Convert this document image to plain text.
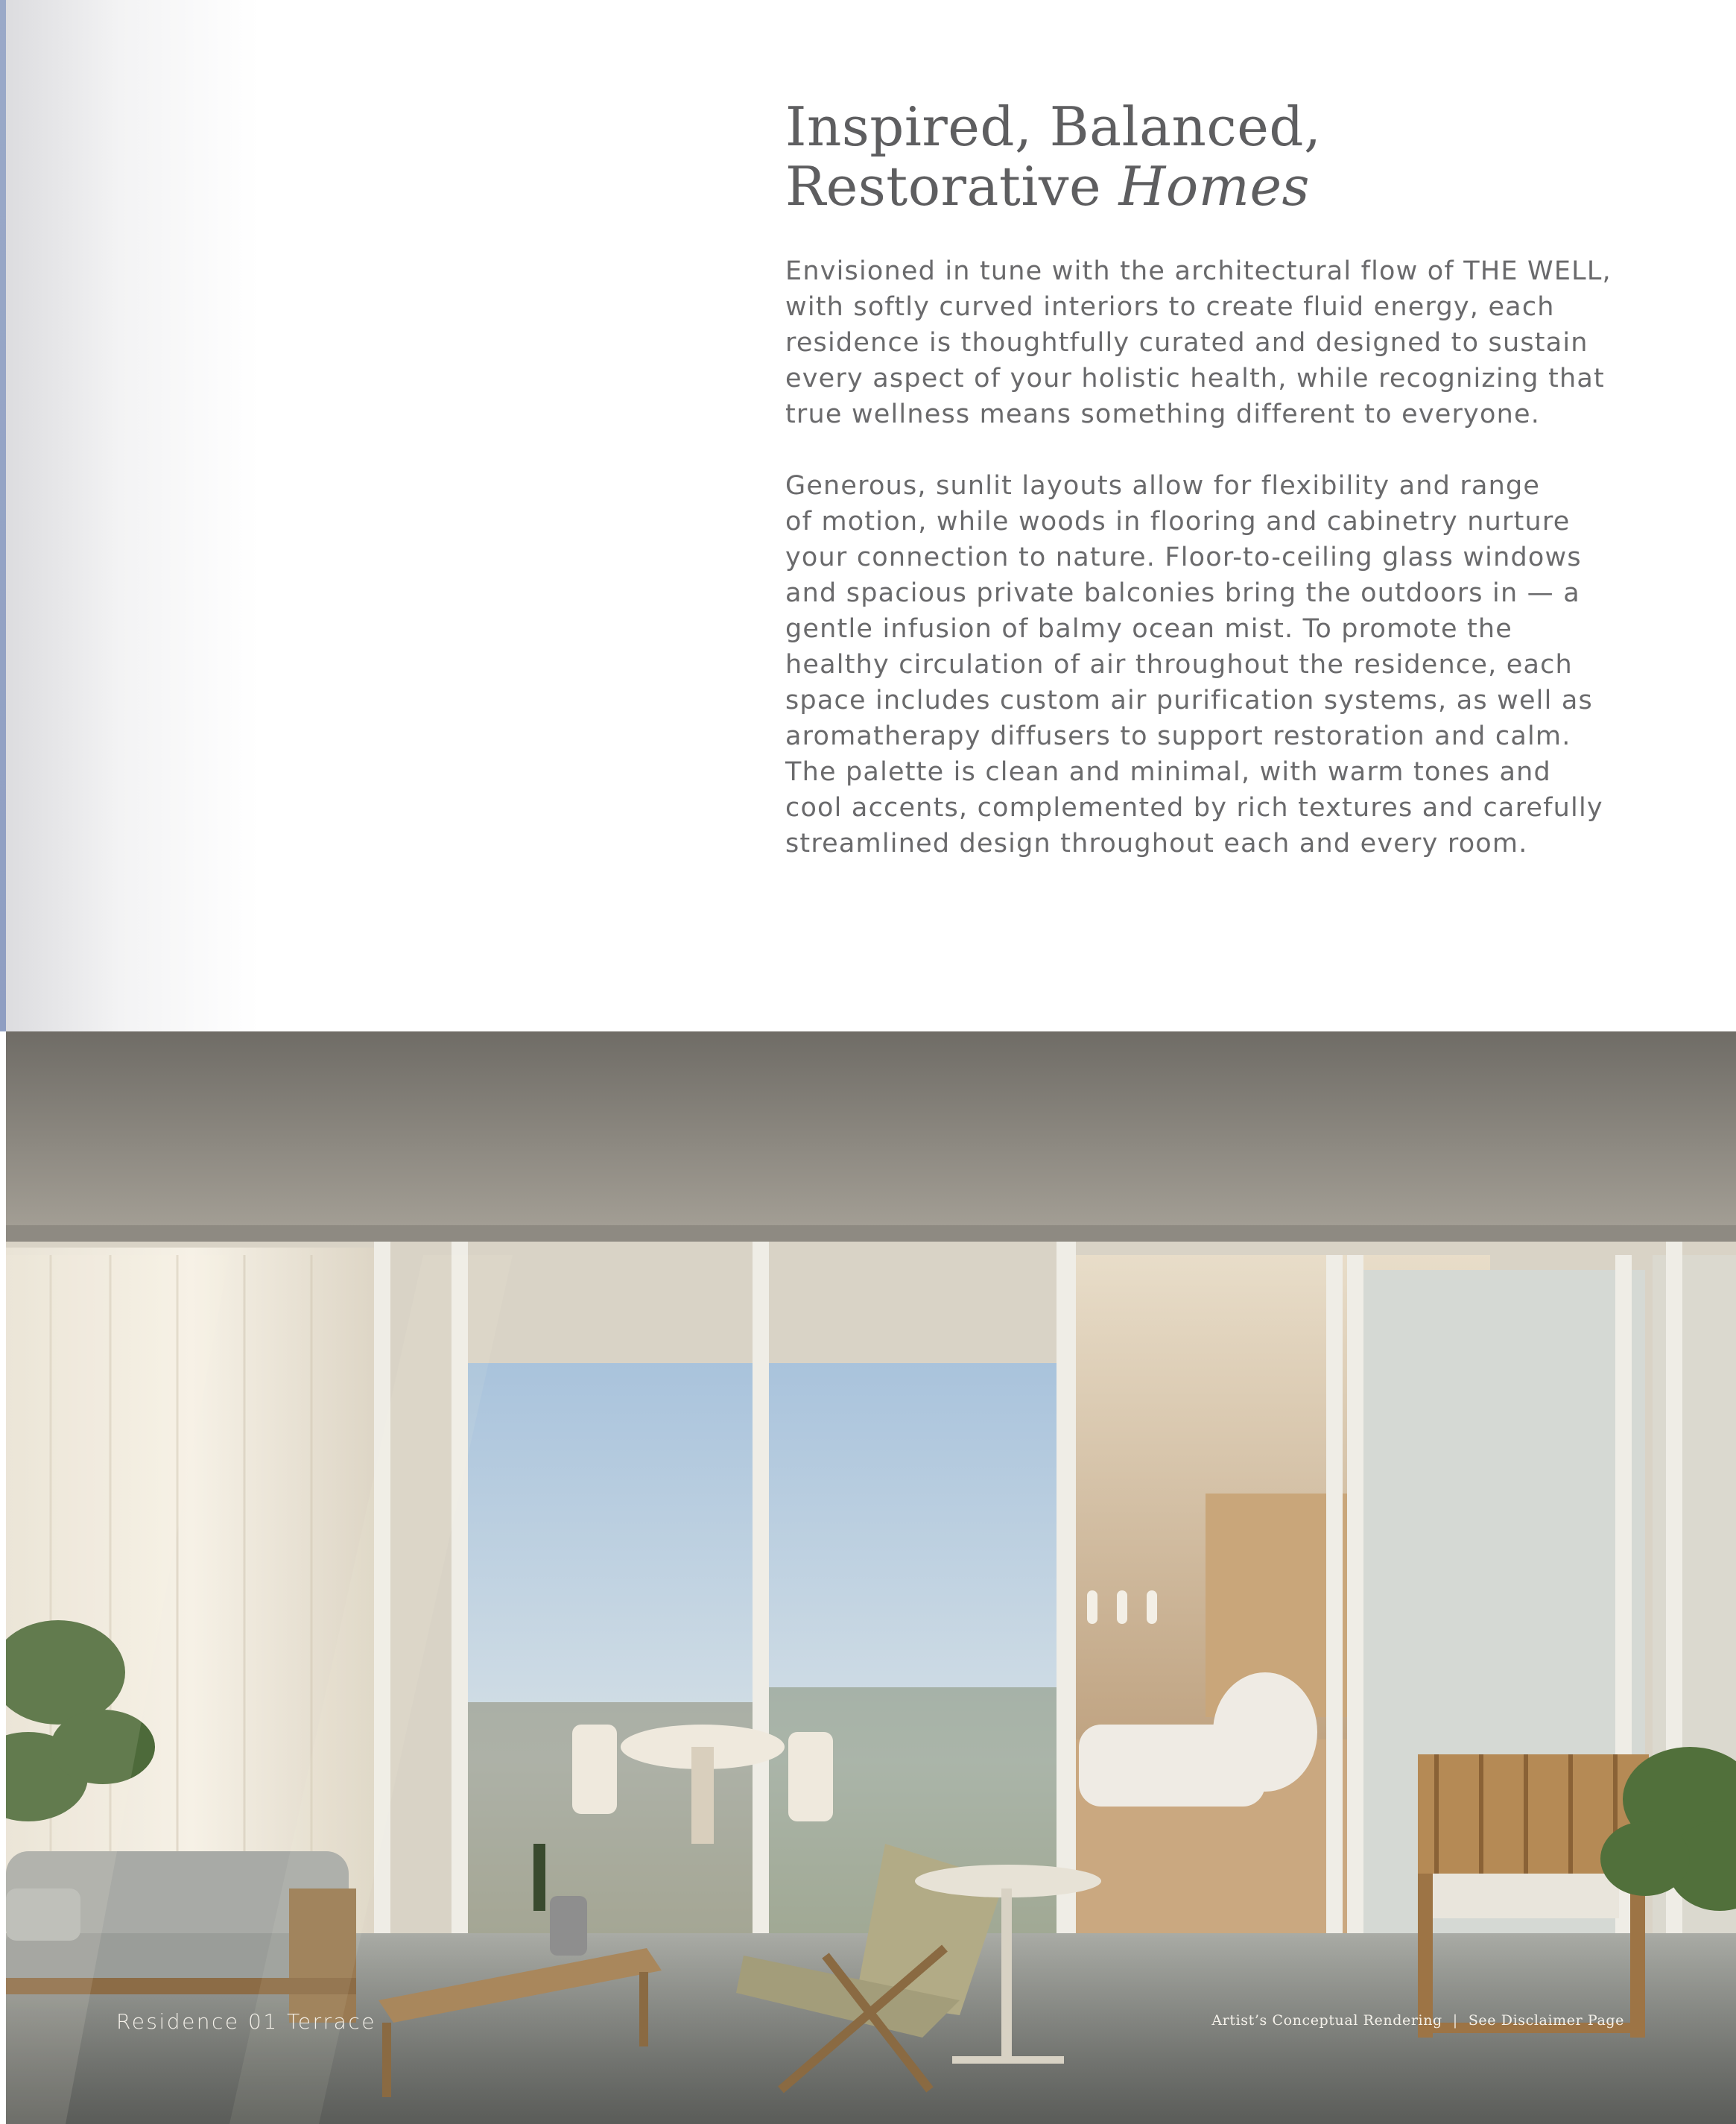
Inspired, Balanced,
Restorative Homes

Envisioned in tune with the architectural flow of THE WELL,
with softly curved interiors to create fluid energy, each
residence is thoughtfully curated and designed to sustain
every aspect of your holistic health, while recognizing that
true wellness means something different to everyone.

Generous, sunlit layouts allow for flexibility and range
of motion, while woods in flooring and cabinetry nurture
your connection to nature. Floor-to-ceiling glass windows
and spacious private balconies bring the outdoors in — a
gentle infusion of balmy ocean mist. To promote the
healthy circulation of air throughout the residence, each
space includes custom air purification systems, as well as
aromatherapy diffusers to support restoration and calm.
The palette is clean and minimal, with warm tones and
cool accents, complemented by rich textures and carefully
streamlined design throughout each and every room.

Residence 01 Terrace	Artist’s Conceptual Rendering | See Disclaimer Page
